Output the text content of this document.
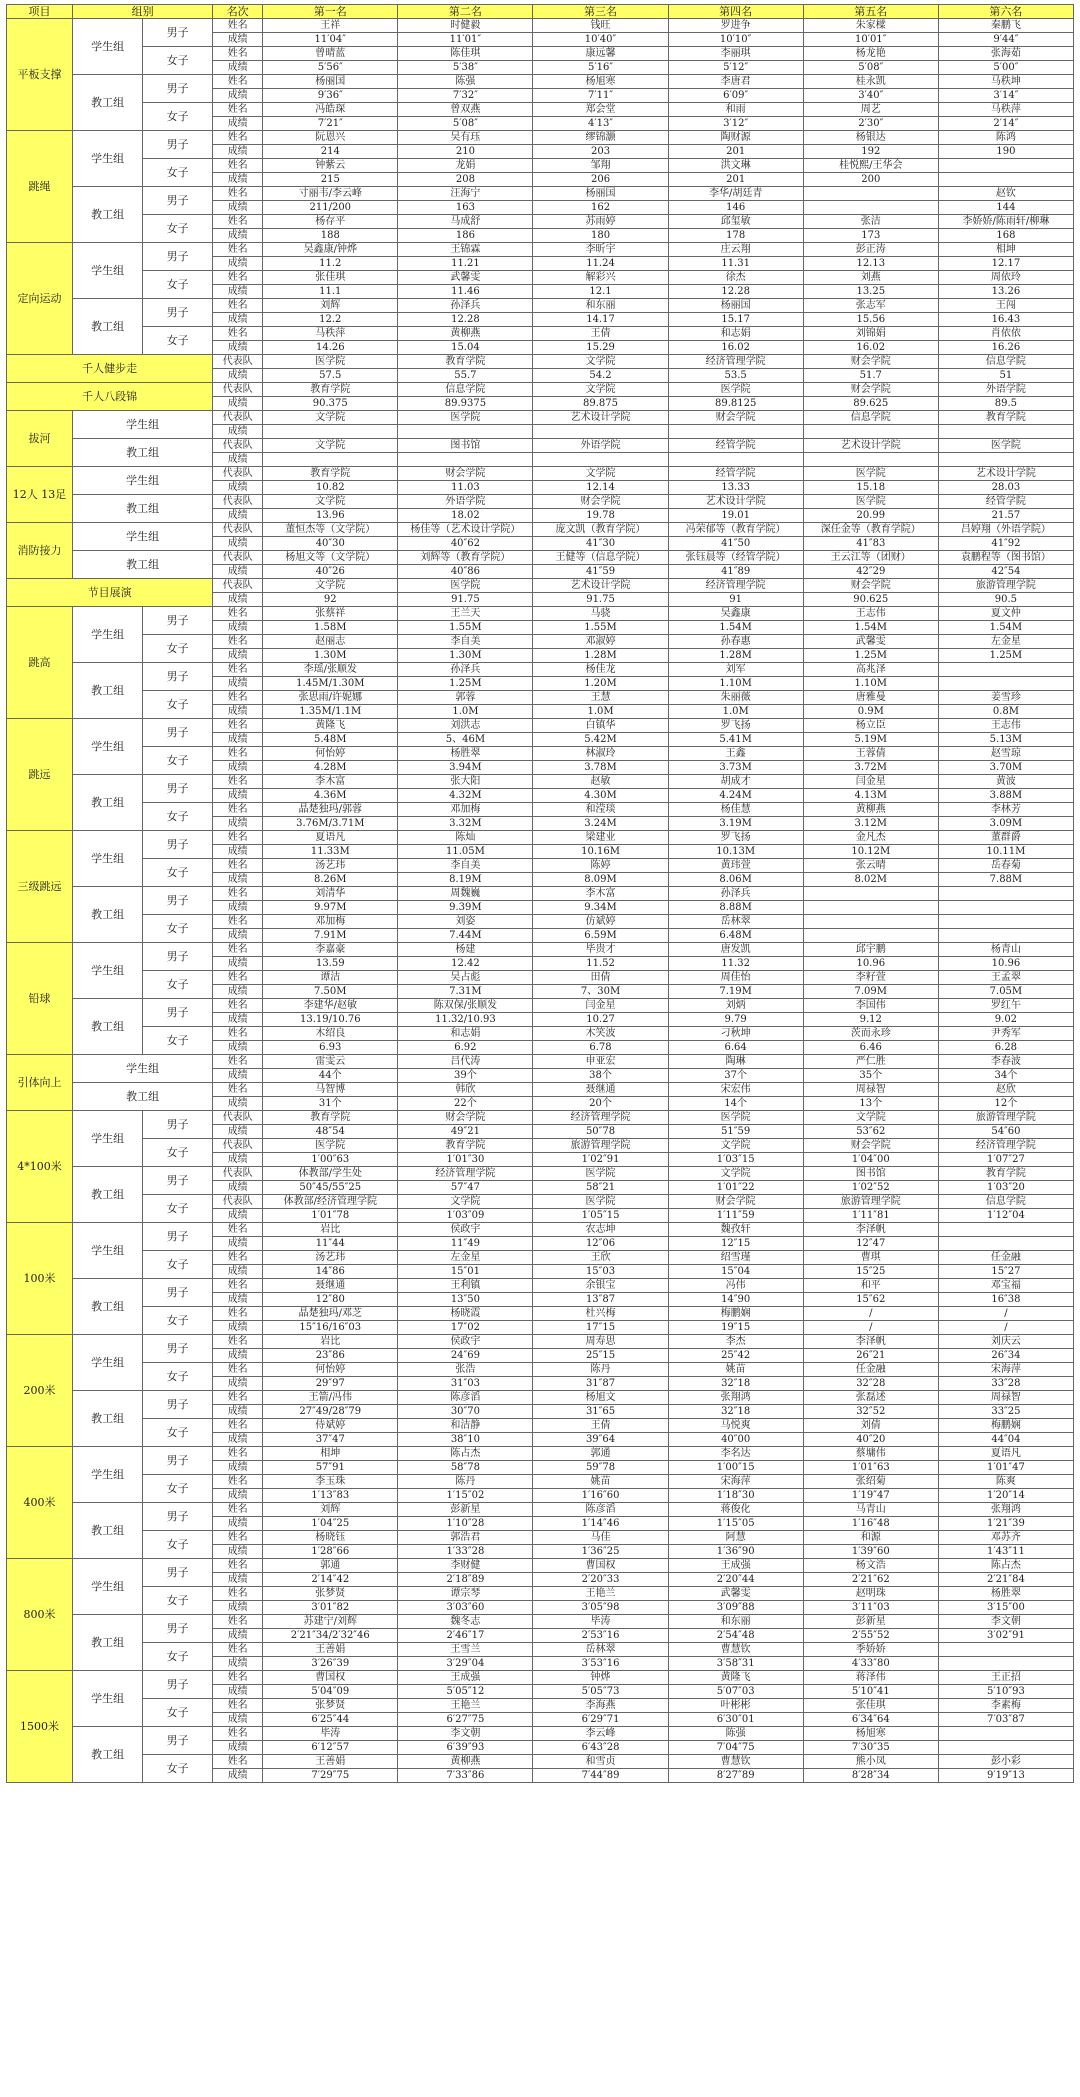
项目	组别		名次	第一名	第二名	第三名	第四名	第五名	第六名
平板支撑	学生组	男子	姓名	王祥	时健毅	钱旺	罗进争	朱家樑	秦鹏飞
			成绩	11′04″	11′01″	10′40″	10′10″	10′01″	9′44″
		女子	姓名	曾晴蓝	陈佳琪	康远馨	李丽琪	杨龙艳	张海茹
			成绩	5′56″	5′38″	5′16″	5′12″	5′08″	5′00″
	教工组	男子	姓名	杨丽国	陈强	杨旭寒	李唐君	桂永凯	马秩坤
			成绩	9′36″	7′32″	7′11″	6′09″	3′40″	3′14″
		女子	姓名	冯皓琛	曾双燕	郑会堂	和雨	周艺	马秩萍
			成绩	7′21″	5′08″	4′13″	3′12″	2′30″	2′14″
跳绳	学生组	男子	姓名	阮恩兴	吴有珏	缪锦灏	陶财源	杨银达	陈鸿
			成绩	214	210	203	201	192	190
		女子	姓名	钟紫云	龙娟	邹翔	洪文琳	桂悦熙/王华会	
			成绩	215	208	206	201	200	
	教工组	男子	姓名	寸丽韦/李云峰	汪海宁	杨丽国	李华/胡廷青		赵钦
			成绩	211/200	163	162	146		144
		女子	姓名	杨存平	马成舒	苏雨婷	邱玺敏	张洁	李娇娇/陈雨轩/柳琳
			成绩	188	186	180	178	173	168
定向运动	学生组	男子	姓名	吴鑫康/钟烨	王锦霖	李昕宇	庄云翔	彭正涛	相坤
			成绩	11.2	11.21	11.24	11.31	12.13	12.17
		女子	姓名	张佳琪	武馨雯	解彩兴	徐杰	刘燕	周依玲
			成绩	11.1	11.46	12.1	12.28	13.25	13.26
	教工组	男子	姓名	刘辉	孙泽兵	和东丽	杨丽国	张志军	王闯
			成绩	12.2	12.28	14.17	15.17	15.56	16.43
		女子	姓名	马秩萍	黄柳燕	王倩	和志娟	刘锦娟	肖依依
			成绩	14.26	15.04	15.29	16.02	16.02	16.26
千人健步走			代表队	医学院	教育学院	文学院	经济管理学院	财会学院	信息学院
			成绩	57.5	55.7	54.2	53.5	51.7	51
千人八段锦			代表队	教育学院	信息学院	文学院	医学院	财会学院	外语学院
			成绩	90.375	89.9375	89.875	89.8125	89.625	89.5
拔河	学生组		代表队	文学院	医学院	艺术设计学院	财会学院	信息学院	教育学院
			成绩						
	教工组		代表队	文学院	图书馆	外语学院	经管学院	艺术设计学院	医学院
			成绩						
12人 13足	学生组		代表队	教育学院	财会学院	文学院	经管学院	医学院	艺术设计学院
			成绩	10.82	11.03	12.14	13.33	15.18	28.03
	教工组		代表队	文学院	外语学院	财会学院	艺术设计学院	医学院	经管学院
			成绩	13.96	18.02	19.78	19.01	20.99	21.57
消防接力	学生组		代表队	董恒杰等（文学院）	杨佳等（艺术设计学院）	庞文凯（教育学院）	冯荣郁等（教育学院）	深任金等（教育学院）	吕婷翔（外语学院）
			成绩	40″30	40″62	41″30	41″50	41″83	41″92
	教工组		代表队	杨旭文等（文学院）	刘辉等（教育学院）	王健等（信息学院）	张钰晨等（经管学院）	王云江等（团财）	袁鹏程等（图书馆）
			成绩	40″26	40″86	41″59	41″89	42″29	42″54
节目展演			代表队	文学院	医学院	艺术设计学院	经济管理学院	财会学院	旅游管理学院
			成绩	92	91.75	91.75	91	90.625	90.5
跳高	学生组	男子	姓名	张蔡祥	王兰天	马骁	吴鑫康	王志伟	夏文仲
			成绩	1.58M	1.55M	1.55M	1.54M	1.54M	1.54M
		女子	姓名	赵丽志	李自美	邓淑婷	孙春惠	武馨雯	左金星
			成绩	1.30M	1.30M	1.28M	1.28M	1.25M	1.25M
	教工组	男子	姓名	李瑶/张顺发	孙泽兵	杨佳龙	刘军	高兆泽	
			成绩	1.45M/1.30M	1.25M	1.20M	1.10M	1.10M	
		女子	姓名	张思雨/许妮娜	郭蓉	王慧	朱丽薇	唐雅曼	姜雪珍
			成绩	1.35M/1.1M	1.0M	1.0M	1.0M	0.9M	0.8M
跳远	学生组	男子	姓名	黄隆飞	刘洪志	白镇华	罗飞扬	杨立臣	王志伟
			成绩	5.48M	5、46M	5.42M	5.41M	5.19M	5.13M
		女子	姓名	何怡婷	杨胜翠	林淑玲	王鑫	王蓉倩	赵雪琼
			成绩	4.28M	3.94M	3.78M	3.73M	3.72M	3.70M
	教工组	男子	姓名	李木富	张大阳	赵敏	胡成才	闫金星	黄波
			成绩	4.36M	4.32M	4.30M	4.24M	4.13M	3.88M
		女子	姓名	晶楚独玛/郭蓉	邓加梅	和滢琰	杨佳慧	黄柳燕	李林芳
			成绩	3.76M/3.71M	3.32M	3.24M	3.19M	3.12M	3.09M
三级跳远	学生组	男子	姓名	夏语凡	陈灿	梁建业	罗飞扬	金凡杰	董群爵
			成绩	11.33M	11.05M	10.16M	10.13M	10.12M	10.11M
		女子	姓名	汤艺玮	李自美	陈婷	黄玮萱	张云晴	岳春菊
			成绩	8.26M	8.19M	8.09M	8.06M	8.02M	7.88M
	教工组	男子	姓名	刘清华	周魏巍	李木富	孙泽兵		
			成绩	9.97M	9.39M	9.34M	8.88M		
		女子	姓名	邓加梅	刘姿	仿斌婷	岳林翠		
			成绩	7.91M	7.44M	6.59M	6.48M		
铅球	学生组	男子	姓名	李嘉豪	杨建	毕贵才	唐发凯	邱宇鹏	杨青山
			成绩	13.59	12.42	11.52	11.32	10.96	10.96
		女子	姓名	谭洁	吴占彪	田倩	周佳怡	李籽萱	王孟翠
			成绩	7.50M	7.31M	7、30M	7.19M	7.09M	7.05M
	教工组	男子	姓名	李建华/赵敏	陈双保/张顺发	闫金星	刘炳	李国伟	罗红午
			成绩	13.19/10.76	11.32/10.93	10.27	9.79	9.12	9.02
		女子	姓名	木绍良	和志娟	木笑波	刁秋坤	茨而永珍	尹秀军
			成绩	6.93	6.92	6.78	6.64	6.46	6.28
引体向上	学生组		姓名	雷雯云	吕代涛	申亚宏	陶琳	严仁胜	李春波
			成绩	44个	39个	38个	37个	35个	34个
	教工组		姓名	马智博	韩欣	聂继通	宋宏伟	周禄智	赵欣
			成绩	31个	22个	20个	14个	13个	12个
4*100米	学生组	男子	代表队	教育学院	财会学院	经济管理学院	医学院	文学院	旅游管理学院
			成绩	48″54	49″21	50″78	51″59	53″62	54″60
		女子	代表队	医学院	教育学院	旅游管理学院	文学院	财会学院	经济管理学院
			成绩	1′00″63	1′01″30	1′02″91	1′03″15	1′04″00	1′07″27
	教工组	男子	代表队	体教部/学生处	经济管理学院	医学院	文学院	图书馆	教育学院
			成绩	50″45/55″25	57″47	58″21	1′01″22	1′02″52	1′03″20
		女子	代表队	体教部/经济管理学院	文学院	医学院	财会学院	旅游管理学院	信息学院
			成绩	1′01″78	1′03″09	1′05″15	1′11″59	1′11″81	1′12″04
100米	学生组	男子	姓名	岩比	侯政宇	农志坤	魏孜轩	李泽帆	
			成绩	11″44	11″49	12″06	12″15	12″47	
		女子	姓名	汤艺玮	左金星	王欣	绍雪瑾	曹琪	任金融
			成绩	14″86	15″01	15″03	15″04	15″25	15″27
	教工组	男子	姓名	聂继通	王利镇	余银宝	冯伟	和平	邓宝福
			成绩	12″80	13″50	13″87	14″90	15″62	16″38
		女子	姓名	晶楚独玛/邓芝	杨晓霞	杜兴梅	梅鹏娴	/	/
			成绩	15″16/16″03	17″02	17″15	19″15	/	/
200米	学生组	男子	姓名	岩比	侯政宇	周寿思	李杰	李泽帆	刘庆云
			成绩	23″86	24″69	25″15	25″42	26″21	26″34
		女子	姓名	何怡婷	张浩	陈丹	姚苗	任金融	宋海萍
			成绩	29″97	31″03	31″87	32″18	32″28	33″28
	教工组	男子	姓名	王箭/冯伟	陈彦滔	杨旭文	张翔鸿	张磊述	周禄智
			成绩	27″49/28″79	30″70	31″65	32″18	32″52	33″25
		女子	姓名	侍斌婷	和洁静	王倩	马悦爽	刘倩	梅鹏娴
			成绩	37″47	38″10	39″64	40″00	40″20	44″04
400米	学生组	男子	姓名	相坤	陈占杰	郭通	李名达	蔡墉伟	夏语凡
			成绩	57″91	58″78	59″78	1′00″15	1′01″63	1′01″47
		女子	姓名	李玉珠	陈丹	姚苗	宋海萍	张绍菊	陈爽
			成绩	1′13″83	1′15″02	1′16″60	1′18″30	1′19″47	1′20″14
	教工组	男子	姓名	刘辉	彭新星	陈彦滔	蒋俊化	马青山	张翔鸿
			成绩	1′04″25	1′10″28	1′14″46	1′15″05	1′16″48	1′21″39
		女子	姓名	杨晓钰	郭浩君	马佳	阿慧	和源	邓苏齐
			成绩	1′28″66	1′33″28	1′36″25	1′36″90	1′39″60	1′43″11
800米	学生组	男子	姓名	郭通	李财健	曹国权	王成强	杨文浩	陈占杰
			成绩	2′14″42	2′18″89	2′20″33	2′20″44	2′21″62	2′21″84
		女子	姓名	张梦贤	谭宗琴	王艳兰	武馨雯	赵明珠	杨胜翠
			成绩	3′01″82	3′03″60	3′05″98	3′09″88	3′11″03	3′15″00
	教工组	男子	姓名	苏建宁/刘辉	魏冬志	毕涛	和东丽	彭新星	李文朝
			成绩	2′21″34/2′32″46	2′46″17	2′53″16	2′54″48	2′55″52	3′02″91
		女子	姓名	王善娟	王雪兰	岳林翠	曹慧钦	季娇娇	
			成绩	3′26″39	3′29″04	3′53″16	3′58″31	4′33″80	
1500米	学生组	男子	姓名	曹国权	王成强	钟烨	黄隆飞	蒋泽伟	王正招
			成绩	5′04″09	5′05″12	5′05″73	5′07″03	5′10″41	5′10″93
		女子	姓名	张梦贤	王艳兰	李海燕	叶彬彬	张佳琪	李素梅
			成绩	6′25″44	6′27″75	6′29″71	6′30″01	6′34″64	7′03″87
	教工组	男子	姓名	毕涛	李文朝	李云峰	陈强	杨旭寒	
			成绩	6′12″57	6′39″93	6′43″28	7′04″75	7′30″35	
		女子	姓名	王善娟	黄柳燕	和雪贞	曹慧钦	熊小凤	彭小彩
			成绩	7′29″75	7′33″86	7′44″89	8′27″89	8′28″34	9′19″13
